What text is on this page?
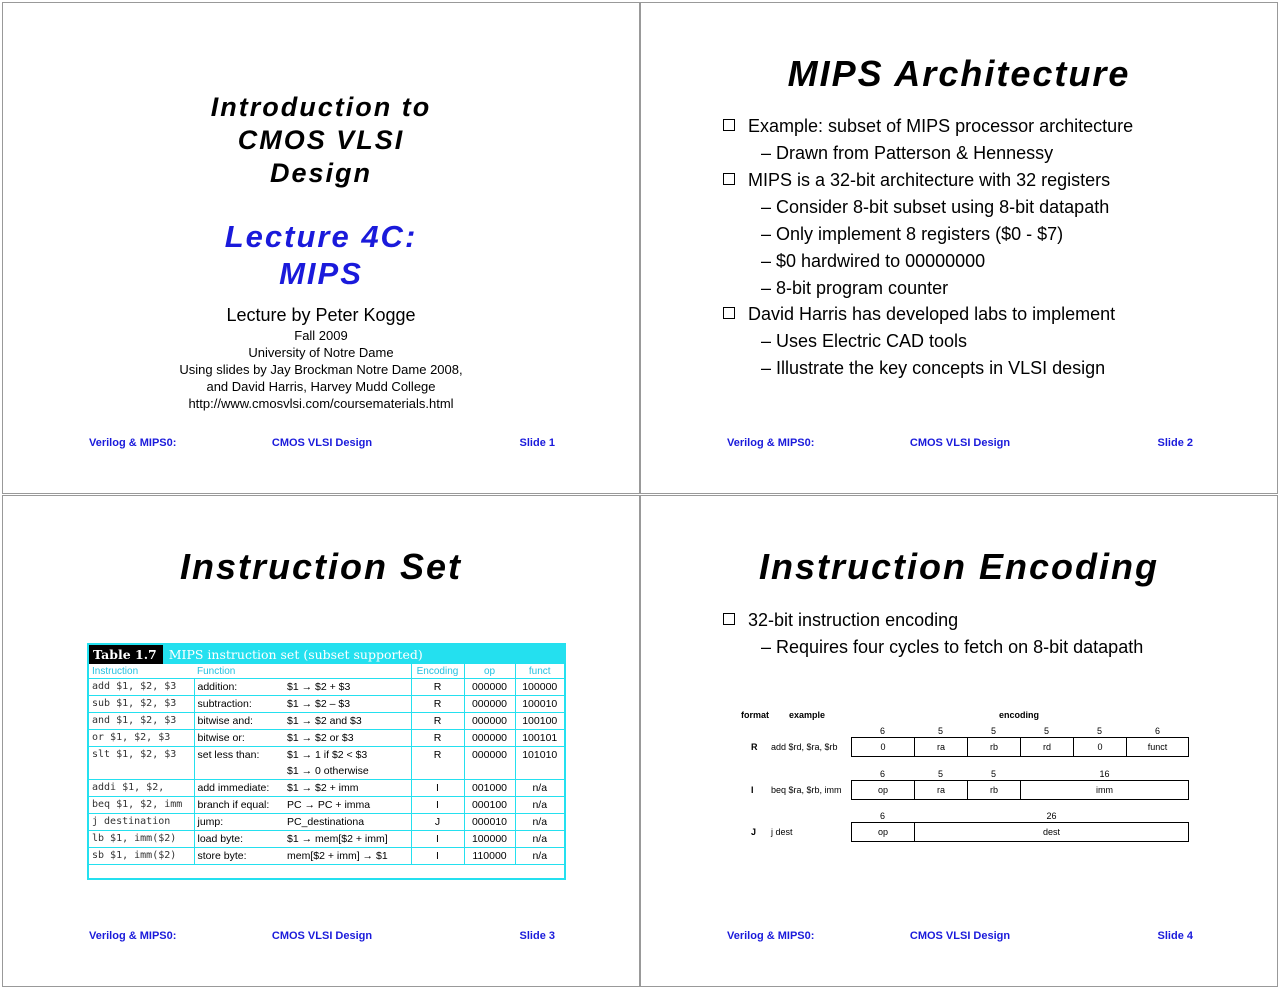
Introduction to
CMOS VLSI
Design
Lecture 4C:
MIPS
Lecture by Peter Kogge
Fall 2009
University of Notre Dame
Using slides by Jay Brockman Notre Dame 2008,
and David Harris, Harvey Mudd College
http://www.cmosvlsi.com/coursematerials.html
Verilog & MIPS0:	CMOS VLSI Design	Slide 1
MIPS Architecture
Example: subset of MIPS processor architecture
– Drawn from Patterson & Hennessy
MIPS is a 32-bit architecture with 32 registers
– Consider 8-bit subset using 8-bit datapath
– Only implement 8 registers ($0 - $7)
– $0 hardwired to 00000000
– 8-bit program counter
David Harris has developed labs to implement
– Uses Electric CAD tools
– Illustrate the key concepts in VLSI design
Verilog & MIPS0:	CMOS VLSI Design	Slide 2
Instruction Set
Table 1.7 MIPS instruction set (subset supported)
Instruction	Function		Encoding	op	funct

add $1, $2, $3	addition:	$1 → $2 + $3	R	000000	100000

sub $1, $2, $3	subtraction:	$1 → $2 – $3	R	000000	100010

and $1, $2, $3	bitwise and:	$1 → $2 and $3	R	000000	100100

or $1, $2, $3	bitwise or:	$1 → $2 or $3	R	000000	100101

slt $1, $2, $3	set less than:	$1 → 1 if $2 < $3
$1 → 0 otherwise	R	000000	101010

addi $1, $2,	add immediate:	$1 → $2 + imm	I	001000	n/a

beq $1, $2, imm	branch if equal:	PC → PC + imma	I	000100	n/a

j destination	jump:	PC_destinationa	J	000010	n/a

lb $1, imm($2)	load byte:	$1 → mem[$2 + imm]	I	100000	n/a

sb $1, imm($2)	store byte:	mem[$2 + imm] → $1	I	110000	n/a
Verilog & MIPS0:	CMOS VLSI Design	Slide 3
Instruction Encoding
32-bit instruction encoding
– Requires four cycles to fetch on 8-bit datapath
format example	encoding
6	5	5	5	5	6
R add $rd, $ra, $rb	0	ra	rb	rd	0	funct
6	5	5	16
I beq $ra, $rb, imm	op	ra	rb	imm
6	26
J j dest	op	dest
Verilog & MIPS0:	CMOS VLSI Design	Slide 4
